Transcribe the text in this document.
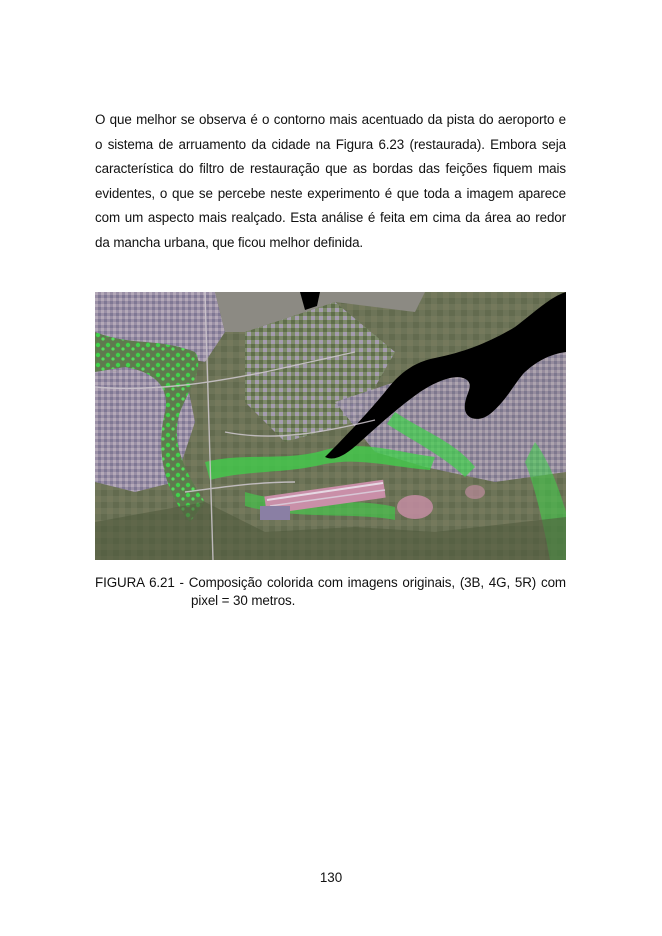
O que melhor se observa é o contorno mais acentuado da pista do aeroporto e
o sistema de arruamento da cidade na Figura 6.23 (restaurada). Embora seja
característica do filtro de restauração que as bordas das feições fiquem mais
evidentes, o que se percebe neste experimento é que toda a imagem aparece
com um aspecto mais realçado. Esta análise é feita em cima da área ao redor
da mancha urbana, que ficou melhor definida.
FIGURA 6.21 - Composição colorida com imagens originais, (3B, 4G, 5R) com
pixel = 30 metros.
130
